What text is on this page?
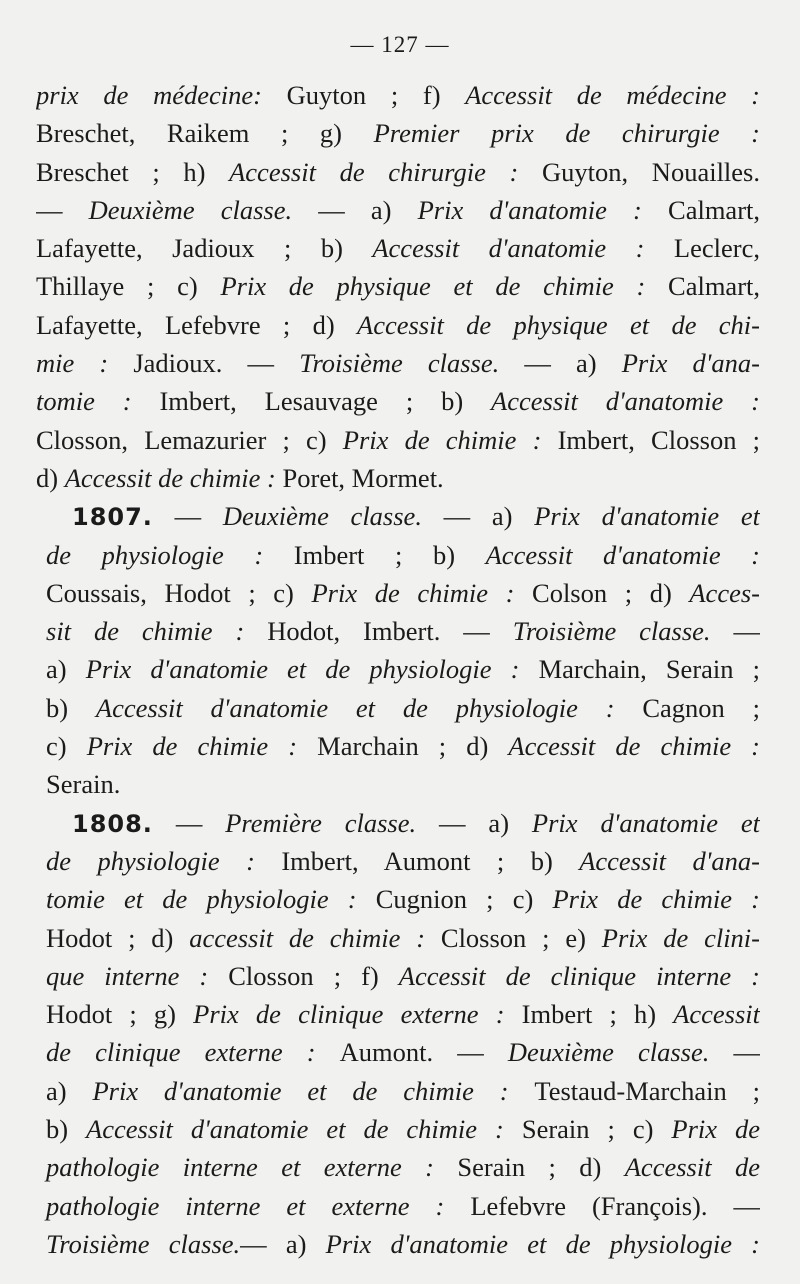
— 127 —
prix de médecine: Guyton ; f) Accessit de médecine :
Breschet, Raikem ; g) Premier prix de chirurgie :
Breschet ; h) Accessit de chirurgie : Guyton, Nouailles.
— Deuxième classe. — a) Prix d'anatomie : Calmart,
Lafayette, Jadioux ; b) Accessit d'anatomie : Leclerc,
Thillaye ; c) Prix de physique et de chimie : Calmart,
Lafayette, Lefebvre ; d) Accessit de physique et de chi-
mie : Jadioux. — Troisième classe. — a) Prix d'ana-
tomie : Imbert, Lesauvage ; b) Accessit d'anatomie :
Closson, Lemazurier ; c) Prix de chimie : Imbert, Closson ;
d) Accessit de chimie : Poret, Mormet.
1807. — Deuxième classe. — a) Prix d'anatomie et
de physiologie : Imbert ; b) Accessit d'anatomie :
Coussais, Hodot ; c) Prix de chimie : Colson ; d) Acces-
sit de chimie : Hodot, Imbert. — Troisième classe. —
a) Prix d'anatomie et de physiologie : Marchain, Serain ;
b) Accessit d'anatomie et de physiologie : Cagnon ;
c) Prix de chimie : Marchain ; d) Accessit de chimie :
Serain.
1808. — Première classe. — a) Prix d'anatomie et
de physiologie : Imbert, Aumont ; b) Accessit d'ana-
tomie et de physiologie : Cugnion ; c) Prix de chimie :
Hodot ; d) accessit de chimie : Closson ; e) Prix de clini-
que interne : Closson ; f) Accessit de clinique interne :
Hodot ; g) Prix de clinique externe : Imbert ; h) Accessit
de clinique externe : Aumont. — Deuxième classe. —
a) Prix d'anatomie et de chimie : Testaud-Marchain ;
b) Accessit d'anatomie et de chimie : Serain ; c) Prix de
pathologie interne et externe : Serain ; d) Accessit de
pathologie interne et externe : Lefebvre (François). —
Troisième classe.— a) Prix d'anatomie et de physiologie :
